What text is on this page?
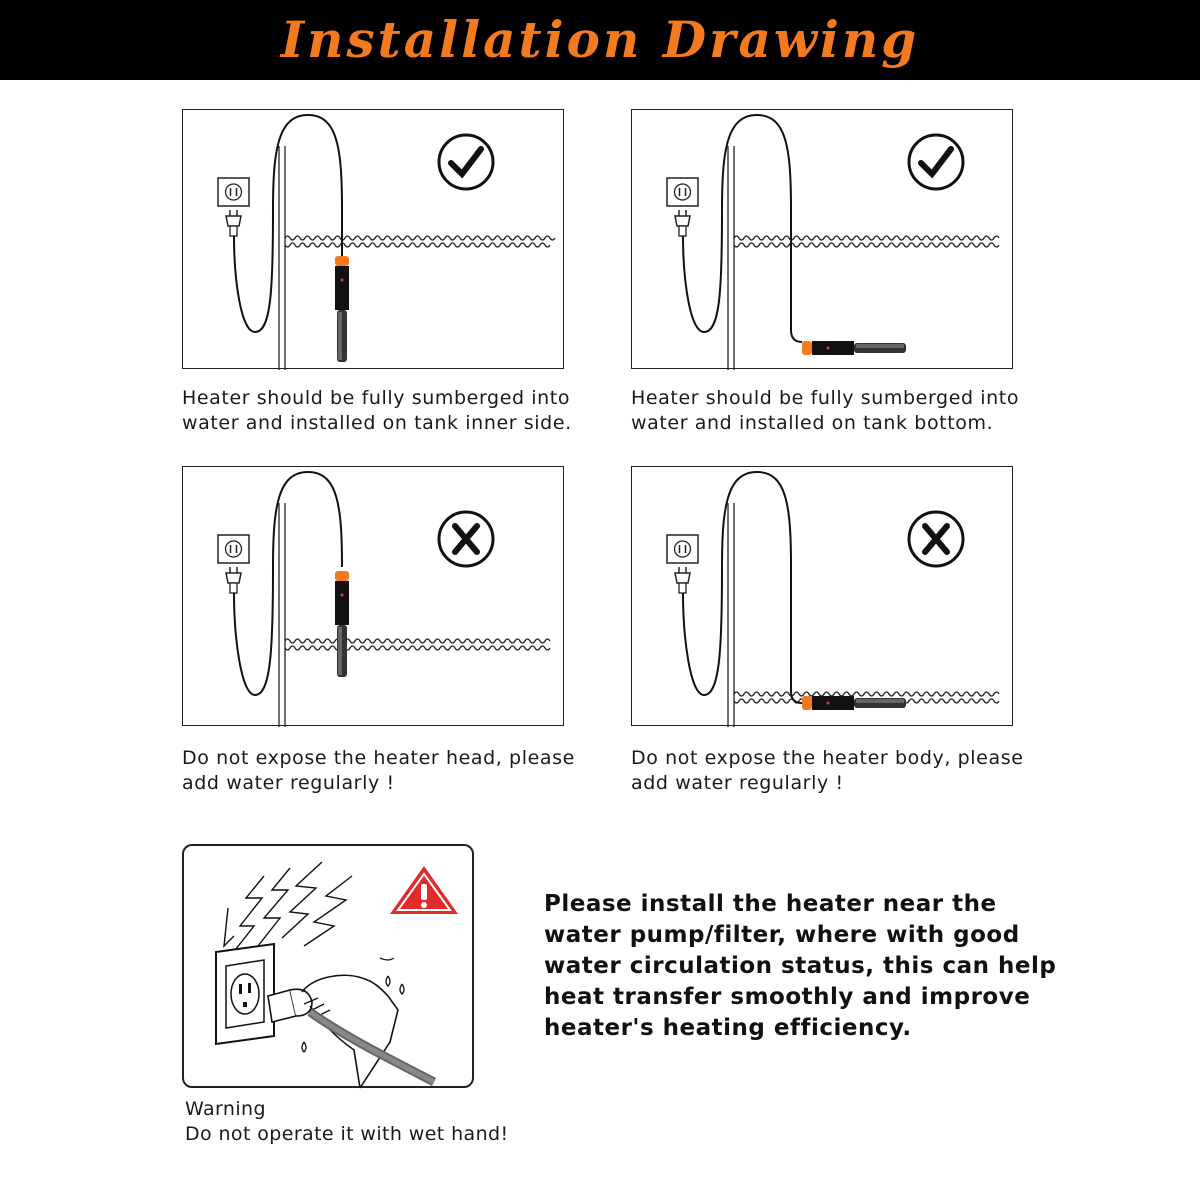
Installation Drawing
Heater should be fully sumberged into
water and installed on tank inner side.
Heater should be fully sumberged into
water and installed on tank bottom.
Do not expose the heater head, please
add water regularly !
Do not expose the heater body, please
add water regularly !
Warning
Do not operate it with wet hand!
Please install the heater near the
water pump/filter, where with good
water circulation status, this can help
heat transfer smoothly and improve
heater's heating efficiency.
